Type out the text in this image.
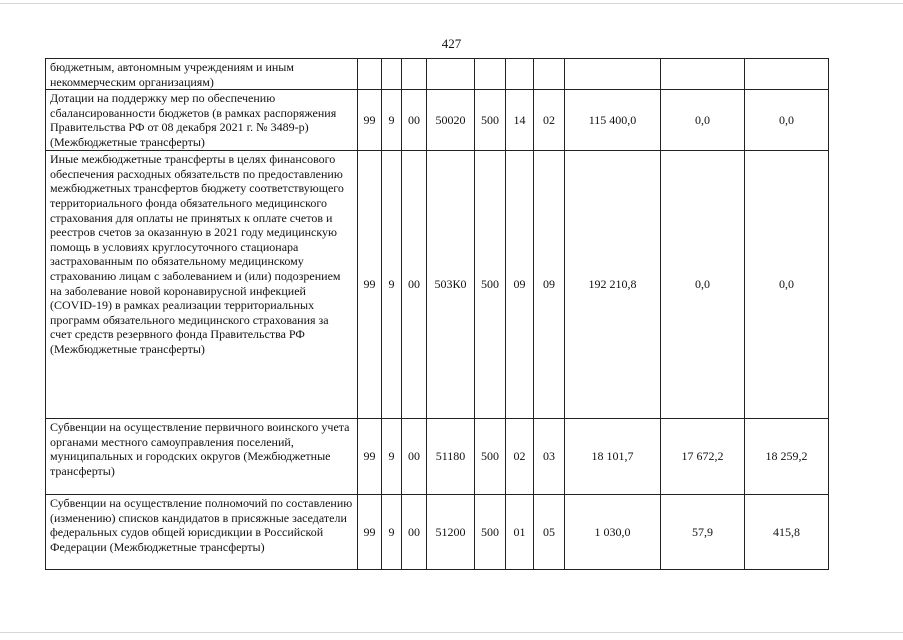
427
бюджетным, автономным учреждениям и иным некоммерческим организациям)										
Дотации на поддержку мер по обеспечению сбалансированности бюджетов (в рамках распоряжения Правительства РФ от 08 декабря 2021 г. № 3489-р) (Межбюджетные трансферты)	99	9	00	50020	500	14	02	115 400,0	0,0	0,0
Иные межбюджетные трансферты в целях финансового обеспечения расходных обязательств по предоставлению межбюджетных трансфертов бюджету соответствующего территориального фонда обязательного медицинского страхования для оплаты не принятых к оплате счетов и реестров счетов за оказанную в 2021 году медицинскую помощь в условиях круглосуточного стационара застрахованным по обязательному медицинскому страхованию лицам с заболеванием и (или) подозрением на заболевание новой коронавирусной инфекцией (COVID-19) в рамках реализации территориальных программ обязательного медицинского страхования за счет средств резервного фонда Правительства РФ (Межбюджетные трансферты)	99	9	00	503К0	500	09	09	192 210,8	0,0	0,0
Субвенции на осуществление первичного воинского учета органами местного самоуправления поселений, муниципальных и городских округов (Межбюджетные трансферты)	99	9	00	51180	500	02	03	18 101,7	17 672,2	18 259,2
Субвенции на осуществление полномочий по составлению (изменению) списков кандидатов в присяжные заседатели федеральных судов общей юрисдикции в Российской Федерации (Межбюджетные трансферты)	99	9	00	51200	500	01	05	1 030,0	57,9	415,8
